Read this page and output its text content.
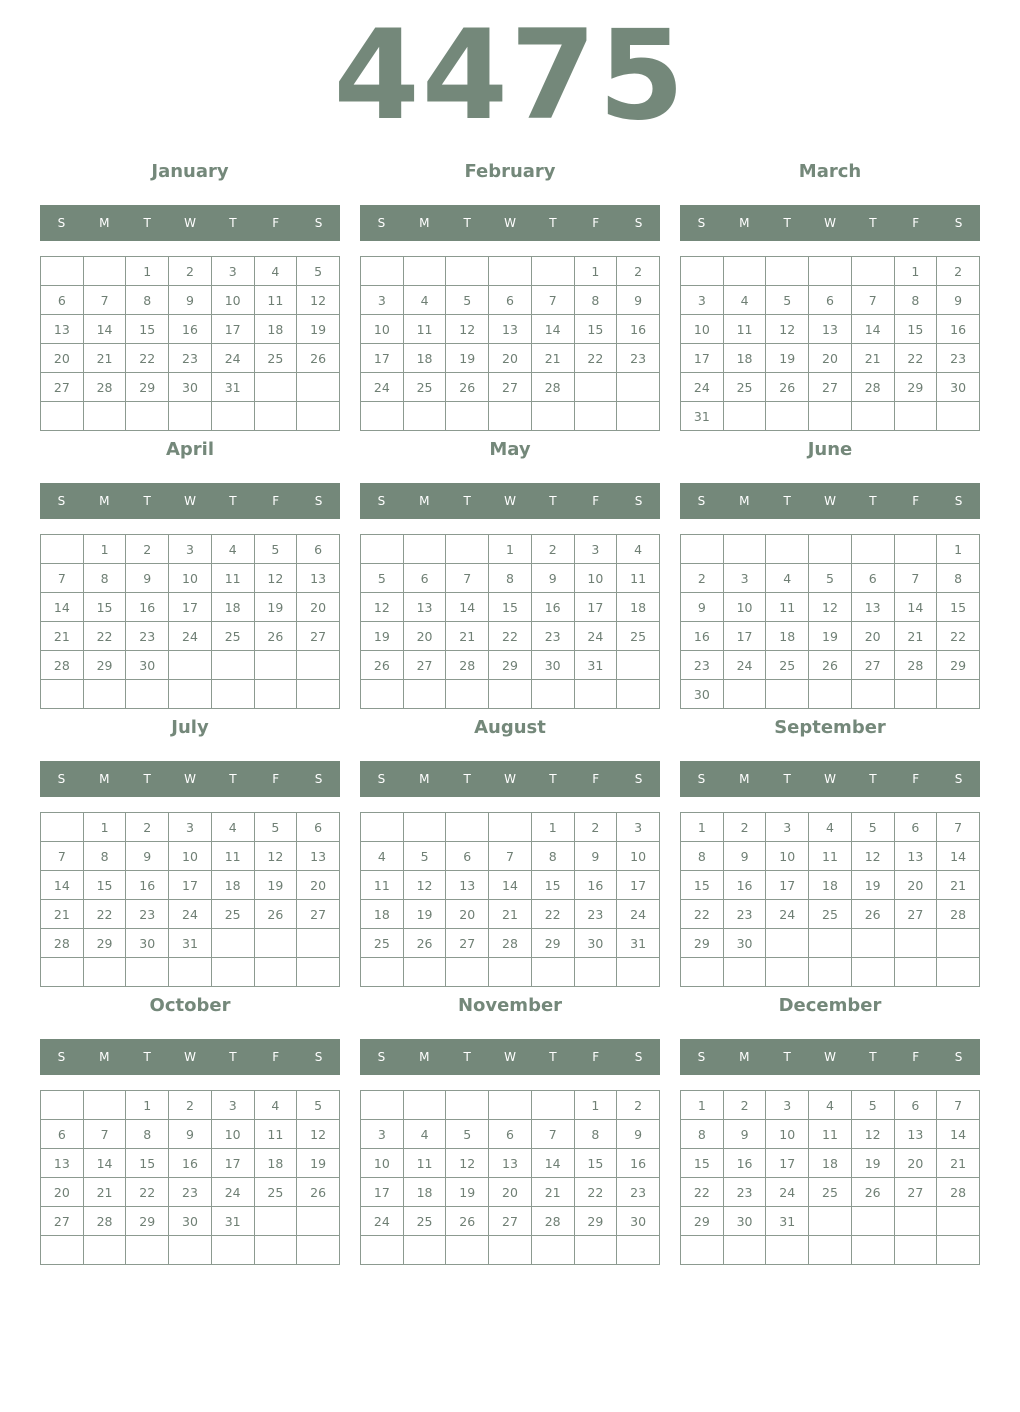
4475
January
S	M	T	W	T	F	S
		1	2	3	4	5
6	7	8	9	10	11	12
13	14	15	16	17	18	19
20	21	22	23	24	25	26
27	28	29	30	31		

February
S	M	T	W	T	F	S
					1	2
3	4	5	6	7	8	9
10	11	12	13	14	15	16
17	18	19	20	21	22	23
24	25	26	27	28		

March
S	M	T	W	T	F	S
					1	2
3	4	5	6	7	8	9
10	11	12	13	14	15	16
17	18	19	20	21	22	23
24	25	26	27	28	29	30
31						
April
S	M	T	W	T	F	S
	1	2	3	4	5	6
7	8	9	10	11	12	13
14	15	16	17	18	19	20
21	22	23	24	25	26	27
28	29	30				

May
S	M	T	W	T	F	S
			1	2	3	4
5	6	7	8	9	10	11
12	13	14	15	16	17	18
19	20	21	22	23	24	25
26	27	28	29	30	31	

June
S	M	T	W	T	F	S
						1
2	3	4	5	6	7	8
9	10	11	12	13	14	15
16	17	18	19	20	21	22
23	24	25	26	27	28	29
30						
July
S	M	T	W	T	F	S
	1	2	3	4	5	6
7	8	9	10	11	12	13
14	15	16	17	18	19	20
21	22	23	24	25	26	27
28	29	30	31			

August
S	M	T	W	T	F	S
				1	2	3
4	5	6	7	8	9	10
11	12	13	14	15	16	17
18	19	20	21	22	23	24
25	26	27	28	29	30	31

September
S	M	T	W	T	F	S
1	2	3	4	5	6	7
8	9	10	11	12	13	14
15	16	17	18	19	20	21
22	23	24	25	26	27	28
29	30					

October
S	M	T	W	T	F	S
		1	2	3	4	5
6	7	8	9	10	11	12
13	14	15	16	17	18	19
20	21	22	23	24	25	26
27	28	29	30	31		

November
S	M	T	W	T	F	S
					1	2
3	4	5	6	7	8	9
10	11	12	13	14	15	16
17	18	19	20	21	22	23
24	25	26	27	28	29	30

December
S	M	T	W	T	F	S
1	2	3	4	5	6	7
8	9	10	11	12	13	14
15	16	17	18	19	20	21
22	23	24	25	26	27	28
29	30	31				
